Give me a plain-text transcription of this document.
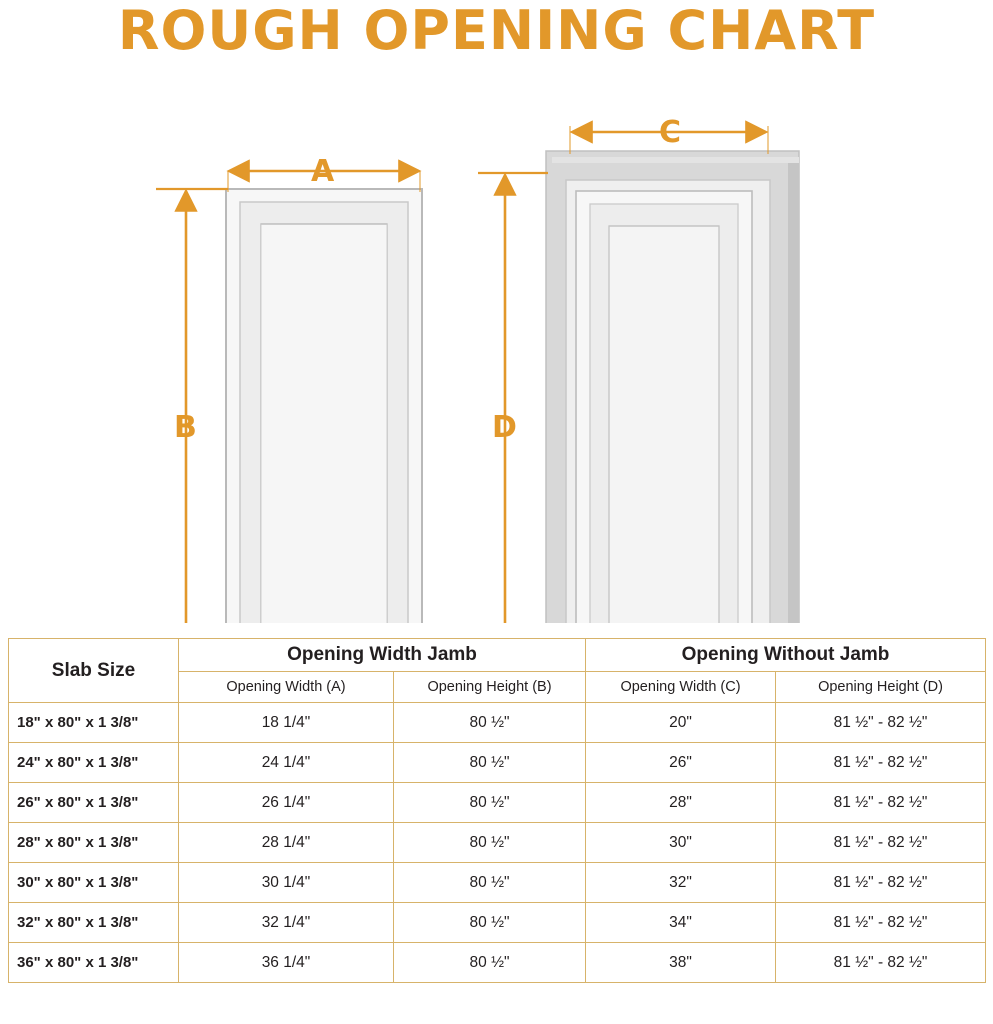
ROUGH OPENING CHART
A
B
C
D
Slab Size	Opening Width Jamb		Opening Without Jamb	
	Opening Width (A)	Opening Height (B)	Opening Width (C)	Opening Height (D)
18" x 80" x 1 3/8"	18 1/4"	80 ½"	20"	81 ½" - 82 ½"
24" x 80" x 1 3/8"	24 1/4"	80 ½"	26"	81 ½" - 82 ½"
26" x 80" x 1 3/8"	26 1/4"	80 ½"	28"	81 ½" - 82 ½"
28" x 80" x 1 3/8"	28 1/4"	80 ½"	30"	81 ½" - 82 ½"
30" x 80" x 1 3/8"	30 1/4"	80 ½"	32"	81 ½" - 82 ½"
32" x 80" x 1 3/8"	32 1/4"	80 ½"	34"	81 ½" - 82 ½"
36" x 80" x 1 3/8"	36 1/4"	80 ½"	38"	81 ½" - 82 ½"
